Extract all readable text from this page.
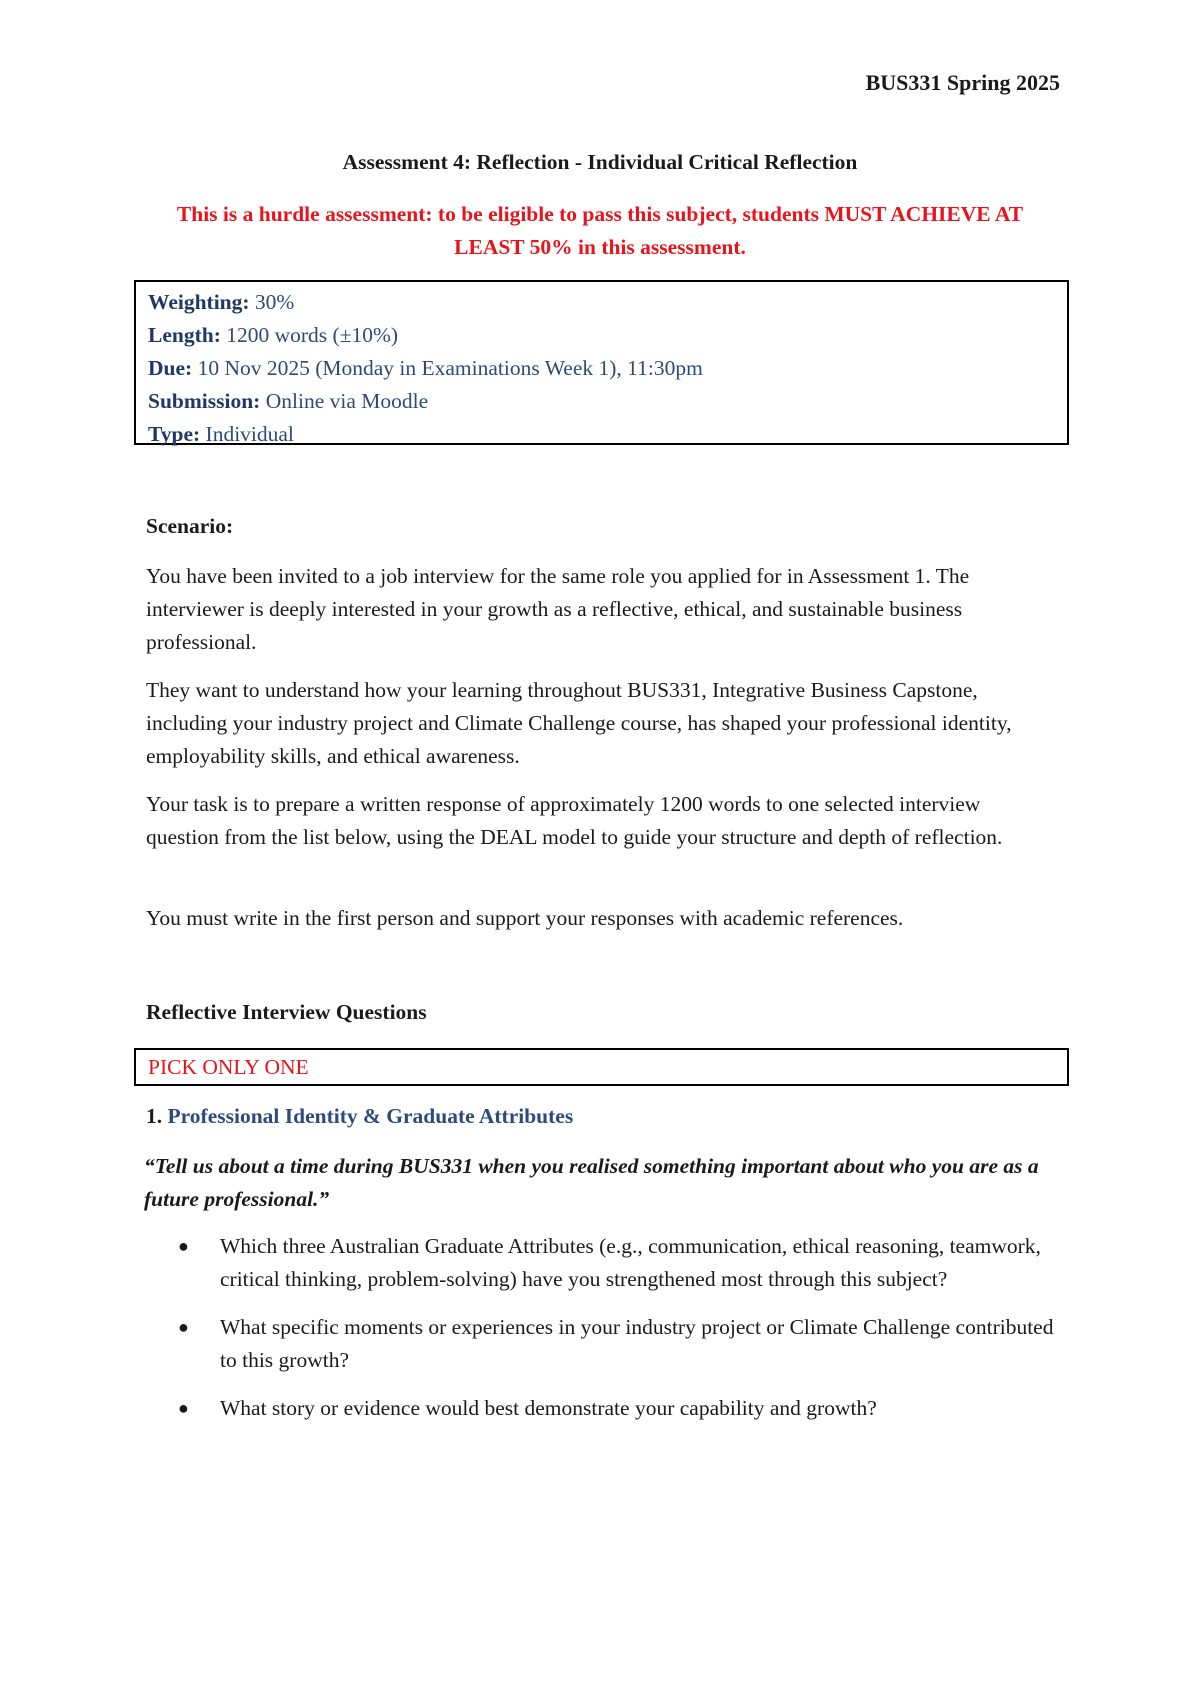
BUS331 Spring 2025
Assessment 4: Reflection - Individual Critical Reflection
This is a hurdle assessment: to be eligible to pass this subject, students MUST ACHIEVE AT LEAST 50% in this assessment.
Weighting: 30%
Length: 1200 words (±10%)
Due: 10 Nov 2025 (Monday in Examinations Week 1), 11:30pm
Submission: Online via Moodle
Type: Individual
Scenario:
You have been invited to a job interview for the same role you applied for in Assessment 1. The interviewer is deeply interested in your growth as a reflective, ethical, and sustainable business professional.
They want to understand how your learning throughout BUS331, Integrative Business Capstone, including your industry project and Climate Challenge course, has shaped your professional identity, employability skills, and ethical awareness.
Your task is to prepare a written response of approximately 1200 words to one selected interview question from the list below, using the DEAL model to guide your structure and depth of reflection.
You must write in the first person and support your responses with academic references.
Reflective Interview Questions
PICK ONLY ONE
1. Professional Identity & Graduate Attributes
“Tell us about a time during BUS331 when you realised something important about who you are as a future professional.”
● Which three Australian Graduate Attributes (e.g., communication, ethical reasoning, teamwork, critical thinking, problem-solving) have you strengthened most through this subject?
● What specific moments or experiences in your industry project or Climate Challenge contributed to this growth?
● What story or evidence would best demonstrate your capability and growth?
